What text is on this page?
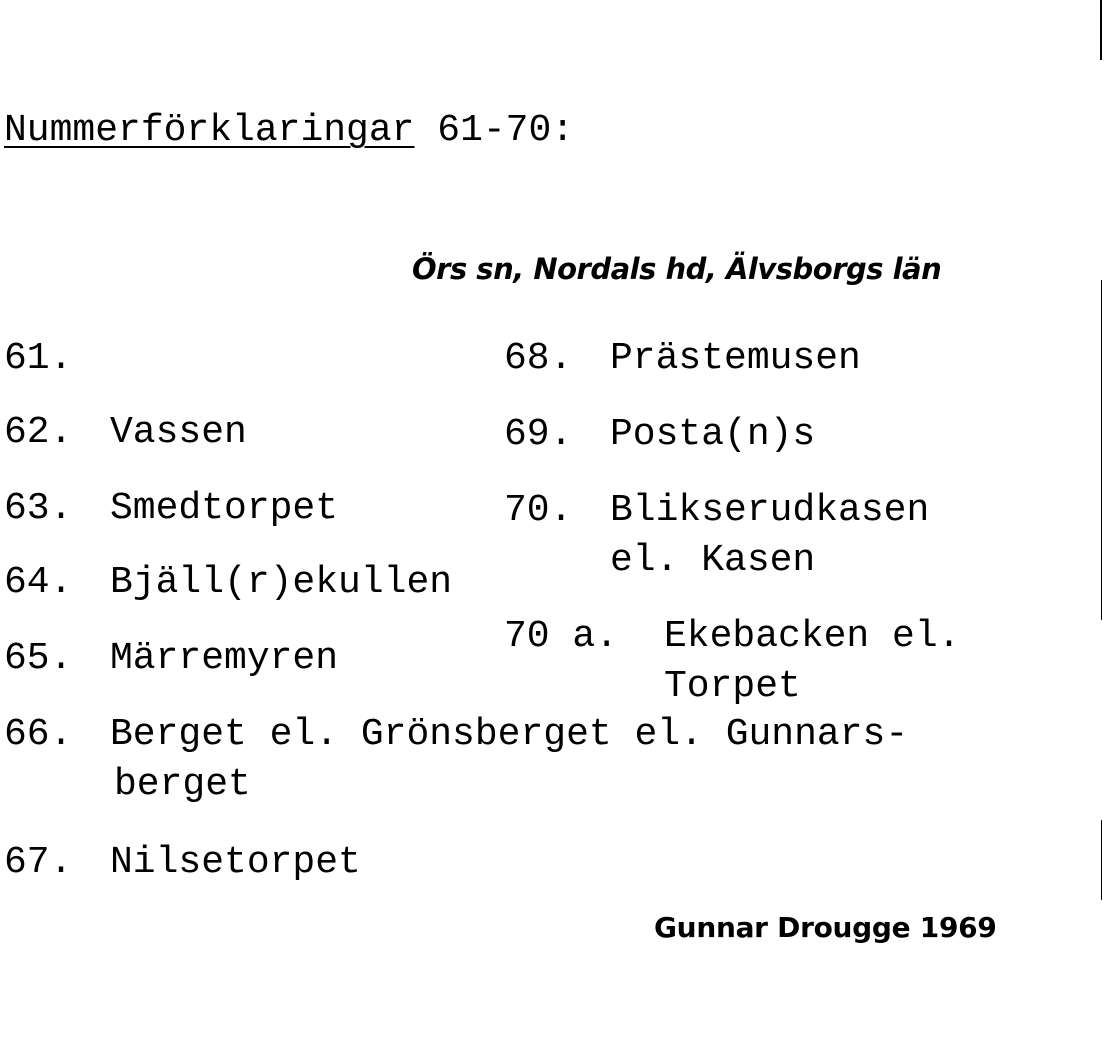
Nummerförklaringar 61-70:
Örs sn, Nordals hd, Älvsborgs län
61.
62. Vassen
63. Smedtorpet
64. Bjäll(r)ekullen
65. Märremyren
66. Berget el. Grönsberget el. Gunnars-
berget
67. Nilsetorpet
68. Prästemusen
69. Posta(n)s
70. Blikserudkasen
el. Kasen
70 a. Ekebacken el.
Torpet
Gunnar Drougge 1969
